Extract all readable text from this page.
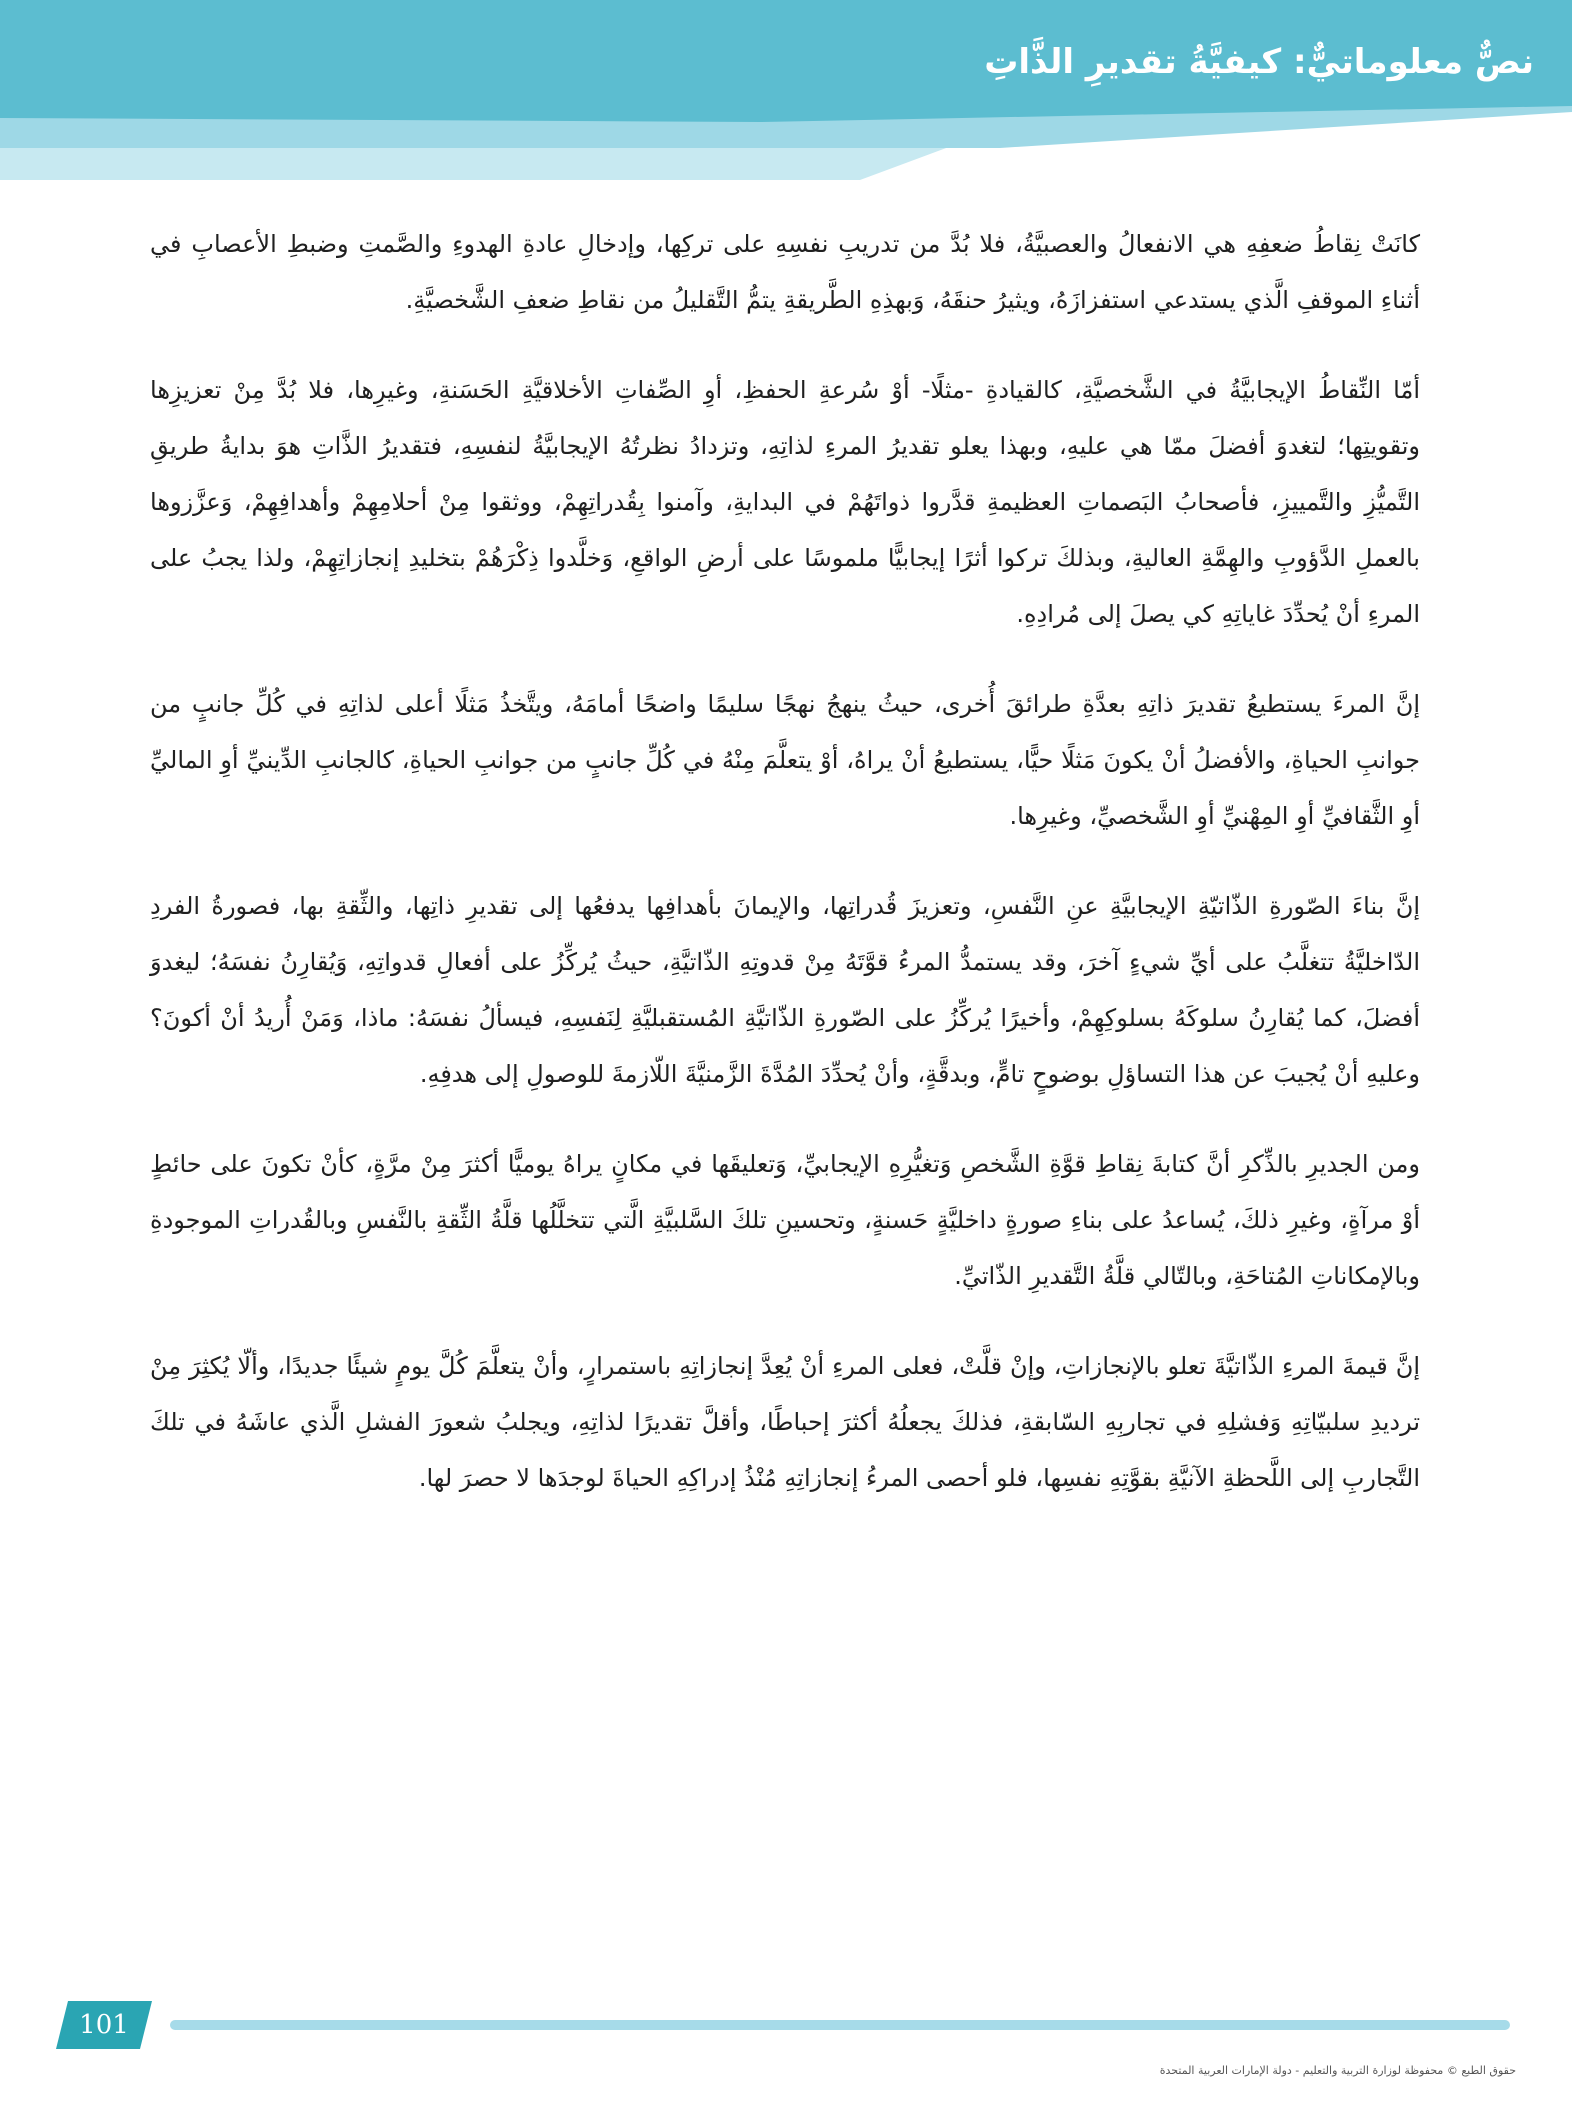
نصٌّ معلوماتيٌّ: كيفيَّةُ تقديرِ الذَّاتِ

كانَتْ نِقاطُ ضعفِهِ هي الانفعالُ والعصبيَّةُ، فلا بُدَّ من تدريبِ نفسِهِ على تركِها، وإدخالِ عادةِ الهدوءِ والصَّمتِ وضبطِ الأعصابِ في أثناءِ الموقفِ الَّذي يستدعي استفزازَهُ، ويثيرُ حنقَهُ، وَبهذِهِ الطَّريقةِ يتمُّ التَّقليلُ من نقاطِ ضعفِ الشَّخصيَّةِ.

أمّا النِّقاطُ الإيجابيَّةُ في الشَّخصيَّةِ، كالقيادةِ -مثلًا- أوْ سُرعةِ الحفظِ، أوِ الصِّفاتِ الأخلاقيَّةِ الحَسَنةِ، وغيرِها، فلا بُدَّ مِنْ تعزيزِها وتقويتِها؛ لتغدوَ أفضلَ ممّا هي عليهِ، وبهذا يعلو تقديرُ المرءِ لذاتِهِ، وتزدادُ نظرتُهُ الإيجابيَّةُ لنفسِهِ، فتقديرُ الذَّاتِ هوَ بدايةُ طريقِ التَّميُّزِ والتَّمييزِ، فأصحابُ البَصماتِ العظيمةِ قدَّروا ذواتَهُمْ في البدايةِ، وآمنوا بِقُدراتِهِمْ، ووثقوا مِنْ أحلامِهِمْ وأهدافِهِمْ، وَعزَّزوها بالعملِ الدَّؤوبِ والهِمَّةِ العاليةِ، وبذلكَ تركوا أثرًا إيجابيًّا ملموسًا على أرضِ الواقعِ، وَخلَّدوا ذِكْرَهُمْ بتخليدِ إنجازاتِهِمْ، ولذا يجبُ على المرءِ أنْ يُحدِّدَ غاياتِهِ كي يصلَ إلى مُرادِهِ.

إنَّ المرءَ يستطيعُ تقديرَ ذاتِهِ بعدَّةِ طرائقَ أُخرى، حيثُ ينهجُ نهجًا سليمًا واضحًا أمامَهُ، ويتَّخذُ مَثلًا أعلى لذاتِهِ في كُلِّ جانبٍ من جوانبِ الحياةِ، والأفضلُ أنْ يكونَ مَثلًا حيًّا، يستطيعُ أنْ يراهُ، أوْ يتعلَّمَ مِنْهُ في كُلِّ جانبٍ من جوانبِ الحياةِ، كالجانبِ الدِّينيِّ أوِ الماليِّ أوِ الثَّقافيِّ أوِ المِهْنيِّ أوِ الشَّخصيِّ، وغيرِها.

إنَّ بناءَ الصّورةِ الذّاتيّةِ الإيجابيَّةِ عنِ النَّفسِ، وتعزيزَ قُدراتِها، والإيمانَ بأهدافِها يدفعُها إلى تقديرِ ذاتِها، والثِّقةِ بها، فصورةُ الفردِ الدّاخليَّةُ تتغلَّبُ على أيِّ شيءٍ آخرَ، وقد يستمدُّ المرءُ قوَّتَهُ مِنْ قدوتِهِ الذّاتيَّةِ، حيثُ يُركِّزُ على أفعالِ قدواتِهِ، وَيُقارِنُ نفسَهُ؛ ليغدوَ أفضلَ، كما يُقارِنُ سلوكَهُ بسلوكِهِمْ، وأخيرًا يُركِّزُ على الصّورةِ الذّاتيَّةِ المُستقبليَّةِ لِنَفسِهِ، فيسألُ نفسَهُ: ماذا، وَمَنْ أُريدُ أنْ أكونَ؟ وعليهِ أنْ يُجيبَ عن هذا التساؤلِ بوضوحٍ تامٍّ، وبدقَّةٍ، وأنْ يُحدِّدَ المُدَّةَ الزَّمنيَّةَ اللّازمةَ للوصولِ إلى هدفِهِ.

ومن الجديرِ بالذِّكرِ أنَّ كتابةَ نِقاطِ قوَّةِ الشَّخصِ وَتغيُّرِهِ الإيجابيِّ، وَتعليقَها في مكانٍ يراهُ يوميًّا أكثرَ مِنْ مرَّةٍ، كأنْ تكونَ على حائطٍ أوْ مرآةٍ، وغيرِ ذلكَ، يُساعدُ على بناءِ صورةٍ داخليَّةٍ حَسنةٍ، وتحسينِ تلكَ السَّلبيَّةِ الَّتي تتخلَّلُها قلَّةُ الثِّقةِ بالنَّفسِ وبالقُدراتِ الموجودةِ وبالإمكاناتِ المُتاحَةِ، وبالتّالي قلَّةُ التَّقديرِ الذّاتيِّ.

إنَّ قيمةَ المرءِ الذّاتيَّةَ تعلو بالإنجازاتِ، وإنْ قلَّتْ، فعلى المرءِ أنْ يُعِدَّ إنجازاتِهِ باستمرارٍ، وأنْ يتعلَّمَ كُلَّ يومٍ شيئًا جديدًا، وألّا يُكثِرَ مِنْ ترديدِ سلبيّاتِهِ وَفشلِهِ في تجاربِهِ السّابقةِ، فذلكَ يجعلُهُ أكثرَ إحباطًا، وأقلَّ تقديرًا لذاتِهِ، ويجلبُ شعورَ الفشلِ الَّذي عاشَهُ في تلكَ التَّجاربِ إلى اللَّحظةِ الآنيَّةِ بقوَّتِهِ نفسِها، فلو أحصى المرءُ إنجازاتِهِ مُنْذُ إدراكِهِ الحياةَ لوجدَها لا حصرَ لها.

101

حقوق الطبع © محفوظة لوزارة التربية والتعليم - دولة الإمارات العربية المتحدة
